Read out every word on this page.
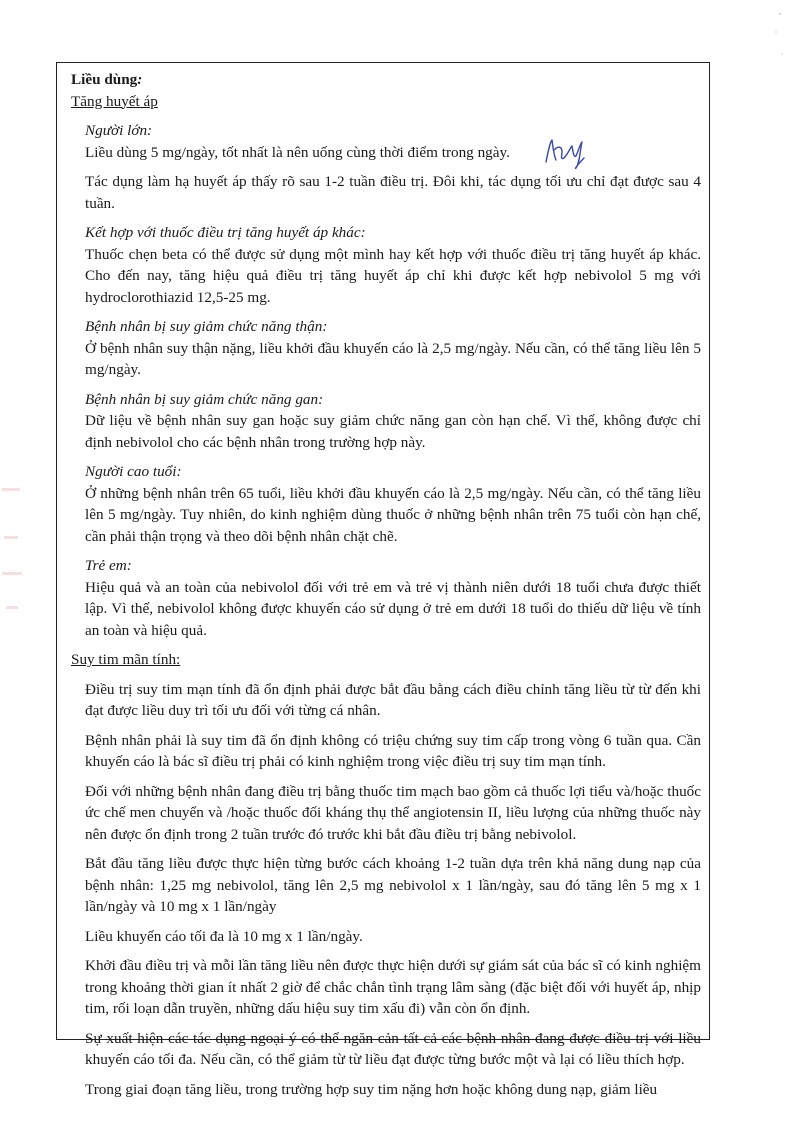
Liều dùng:
Tăng huyết áp
Người lớn:

Liều dùng 5 mg/ngày, tốt nhất là nên uống cùng thời điểm trong ngày.

Tác dụng làm hạ huyết áp thấy rõ sau 1-2 tuần điều trị. Đôi khi, tác dụng tối ưu chỉ đạt được sau 4 tuần.

Kết hợp với thuốc điều trị tăng huyết áp khác:

Thuốc chẹn beta có thể được sử dụng một mình hay kết hợp với thuốc điều trị tăng huyết áp khác. Cho đến nay, tăng hiệu quả điều trị tăng huyết áp chỉ khi được kết hợp nebivolol 5 mg với hydroclorothiazid 12,5-25 mg.

Bệnh nhân bị suy giảm chức năng thận:

Ở bệnh nhân suy thận nặng, liều khởi đầu khuyến cáo là 2,5 mg/ngày. Nếu cần, có thể tăng liều lên 5 mg/ngày.

Bệnh nhân bị suy giảm chức năng gan:

Dữ liệu về bệnh nhân suy gan hoặc suy giảm chức năng gan còn hạn chế. Vì thế, không được chỉ định nebivolol cho các bệnh nhân trong trường hợp này.

Người cao tuổi:

Ở những bệnh nhân trên 65 tuổi, liều khởi đầu khuyến cáo là 2,5 mg/ngày. Nếu cần, có thể tăng liều lên 5 mg/ngày. Tuy nhiên, do kinh nghiệm dùng thuốc ở những bệnh nhân trên 75 tuổi còn hạn chế, cần phải thận trọng và theo dõi bệnh nhân chặt chẽ.

Trẻ em:

Hiệu quả và an toàn của nebivolol đối với trẻ em và trẻ vị thành niên dưới 18 tuổi chưa được thiết lập. Vì thế, nebivolol không được khuyến cáo sử dụng ở trẻ em dưới 18 tuổi do thiếu dữ liệu về tính an toàn và hiệu quả.

Suy tim mãn tính:

Điều trị suy tim mạn tính đã ổn định phải được bắt đầu bằng cách điều chỉnh tăng liều từ từ đến khi đạt được liều duy trì tối ưu đối với từng cá nhân.

Bệnh nhân phải là suy tim đã ổn định không có triệu chứng suy tim cấp trong vòng 6 tuần qua. Cần khuyến cáo là bác sĩ điều trị phải có kinh nghiệm trong việc điều trị suy tim mạn tính.

Đối với những bệnh nhân đang điều trị bằng thuốc tim mạch bao gồm cả thuốc lợi tiểu và/hoặc thuốc ức chế men chuyển và /hoặc thuốc đối kháng thụ thể angiotensin II, liều lượng của những thuốc này nên được ổn định trong 2 tuần trước đó trước khi bắt đầu điều trị bằng nebivolol.

Bắt đầu tăng liều được thực hiện từng bước cách khoảng 1-2 tuần dựa trên khả năng dung nạp của bệnh nhân: 1,25 mg nebivolol, tăng lên 2,5 mg nebivolol x 1 lần/ngày, sau đó tăng lên 5 mg x 1 lần/ngày và 10 mg x 1 lần/ngày

Liều khuyến cáo tối đa là 10 mg x 1 lần/ngày.

Khởi đầu điều trị và mỗi lần tăng liều nên được thực hiện dưới sự giám sát của bác sĩ có kinh nghiệm trong khoảng thời gian ít nhất 2 giờ để chắc chắn tình trạng lâm sàng (đặc biệt đối với huyết áp, nhịp tim, rối loạn dẫn truyền, những dấu hiệu suy tim xấu đi) vẫn còn ổn định.

Sự xuất hiện các tác dụng ngoại ý có thể ngăn cản tất cả các bệnh nhân đang được điều trị với liều khuyến cáo tối đa. Nếu cần, có thể giảm từ từ liều đạt được từng bước một và lại có liều thích hợp.

Trong giai đoạn tăng liều, trong trường hợp suy tim nặng hơn hoặc không dung nạp, giảm liều
